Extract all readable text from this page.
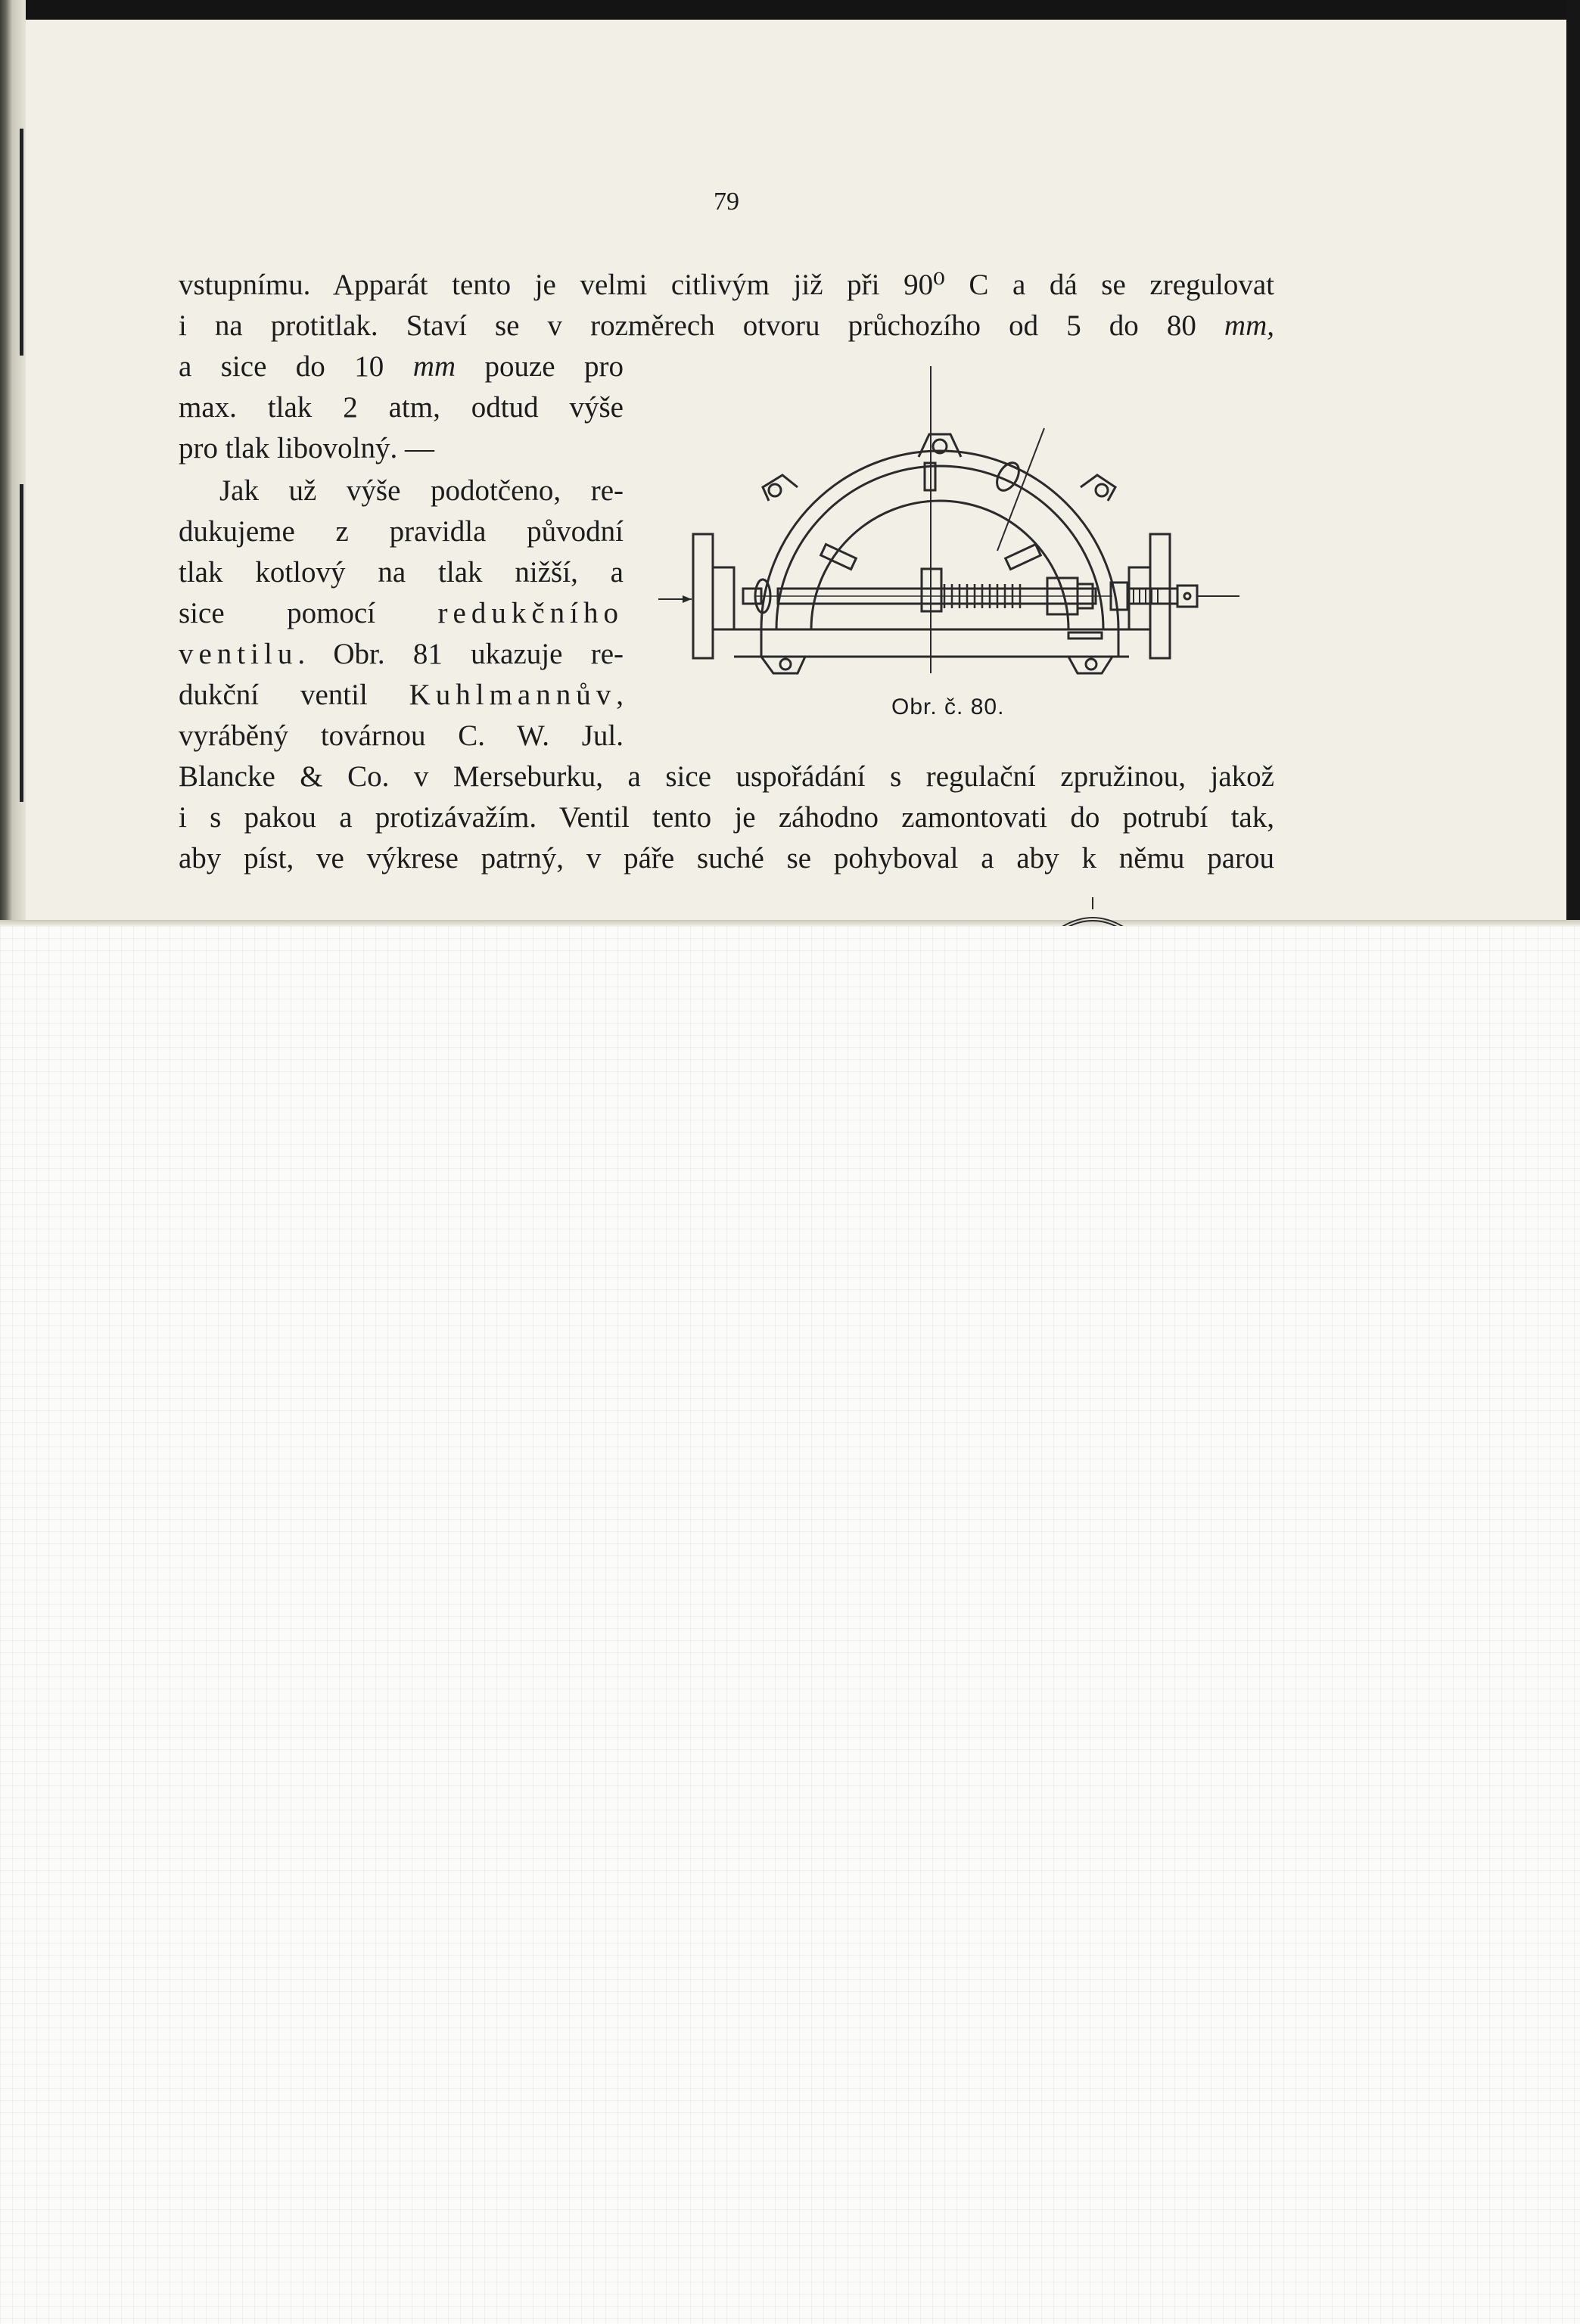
79
vstupnímu. Apparát tento je velmi citlivým již při 90⁰ C a dá se zregulovat
i na protitlak. Staví se v rozměrech otvoru průchozího od 5 do 80 mm,
a sice do 10 mm pouze pro
max. tlak 2 atm, odtud výše
pro tlak libovolný. —
Jak už výše podotčeno, re-
dukujeme z pravidla původní
tlak kotlový na tlak nižší, a
sice pomocí redukčního
ventilu. Obr. 81 ukazuje re-
dukční ventil Kuhlmannův,
vyráběný továrnou C. W. Jul.
Blancke & Co. v Merseburku, a sice uspořádání s regulační zpružinou, jakož
i s pakou a protizávažím. Ventil tento je záhodno zamontovati do potrubí tak,
aby píst, ve výkrese patrný, v páře suché se pohyboval a aby k němu parou
Obr. č. 80.
